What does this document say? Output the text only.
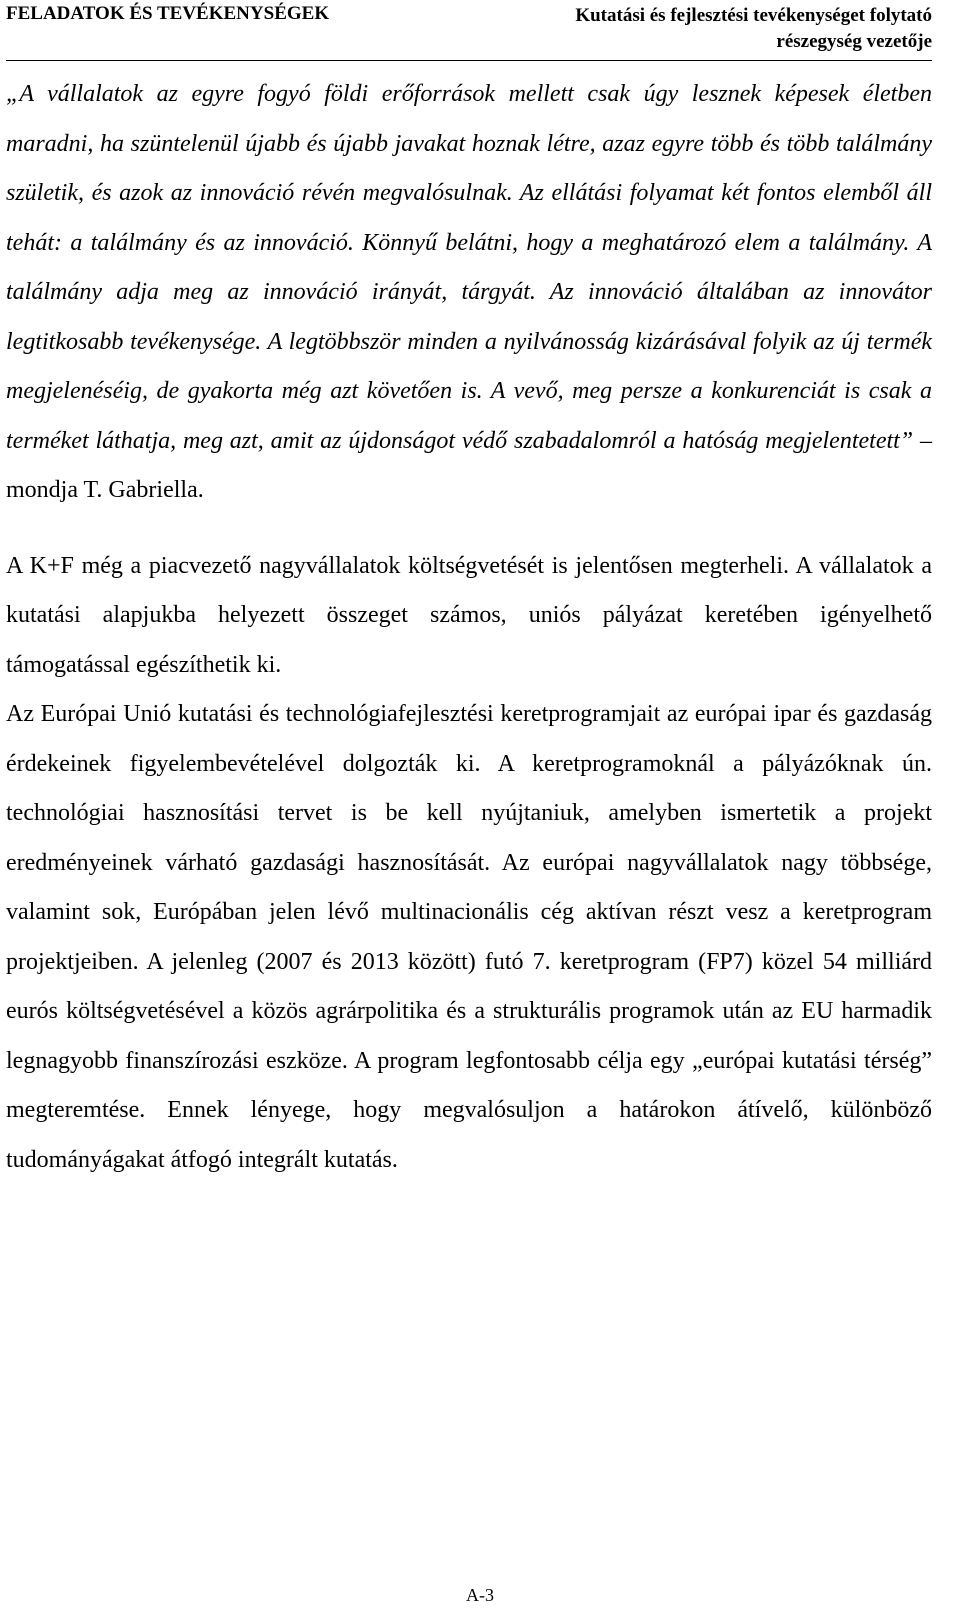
FELADATOK ÉS TEVÉKENYSÉGEK	Kutatási és fejlesztési tevékenységet folytató
részegység vezetője

„A vállalatok az egyre fogyó földi erőforrások mellett csak úgy lesznek képesek életben maradni, ha szüntelenül újabb és újabb javakat hoznak létre, azaz egyre több és több találmány születik, és azok az innováció révén megvalósulnak. Az ellátási folyamat két fontos elemből áll tehát: a találmány és az innováció. Könnyű belátni, hogy a meghatározó elem a találmány. A találmány adja meg az innováció irányát, tárgyát. Az innováció általában az innovátor legtitkosabb tevékenysége. A legtöbbször minden a nyilvánosság kizárásával folyik az új termék megjelenéséig, de gyakorta még azt követően is. A vevő, meg persze a konkurenciát is csak a terméket láthatja, meg azt, amit az újdonságot védő szabadalomról a hatóság megjelentetett” – mondja T. Gabriella.

A K+F még a piacvezető nagyvállalatok költségvetését is jelentősen megterheli. A vállalatok a kutatási alapjukba helyezett összeget számos, uniós pályázat keretében igényelhető támogatással egészíthetik ki.

Az Európai Unió kutatási és technológiafejlesztési keretprogramjait az európai ipar és gazdaság érdekeinek figyelembevételével dolgozták ki. A keretprogramoknál a pályázóknak ún. technológiai hasznosítási tervet is be kell nyújtaniuk, amelyben ismertetik a projekt eredményeinek várható gazdasági hasznosítását. Az európai nagyvállalatok nagy többsége, valamint sok, Európában jelen lévő multinacionális cég aktívan részt vesz a keretprogram projektjeiben. A jelenleg (2007 és 2013 között) futó 7. keretprogram (FP7) közel 54 milliárd eurós költségvetésével a közös agrárpolitika és a strukturális programok után az EU harmadik legnagyobb finanszírozási eszköze. A program legfontosabb célja egy „európai kutatási térség” megteremtése. Ennek lényege, hogy megvalósuljon a határokon átívelő, különböző tudományágakat átfogó integrált kutatás.

A-3
